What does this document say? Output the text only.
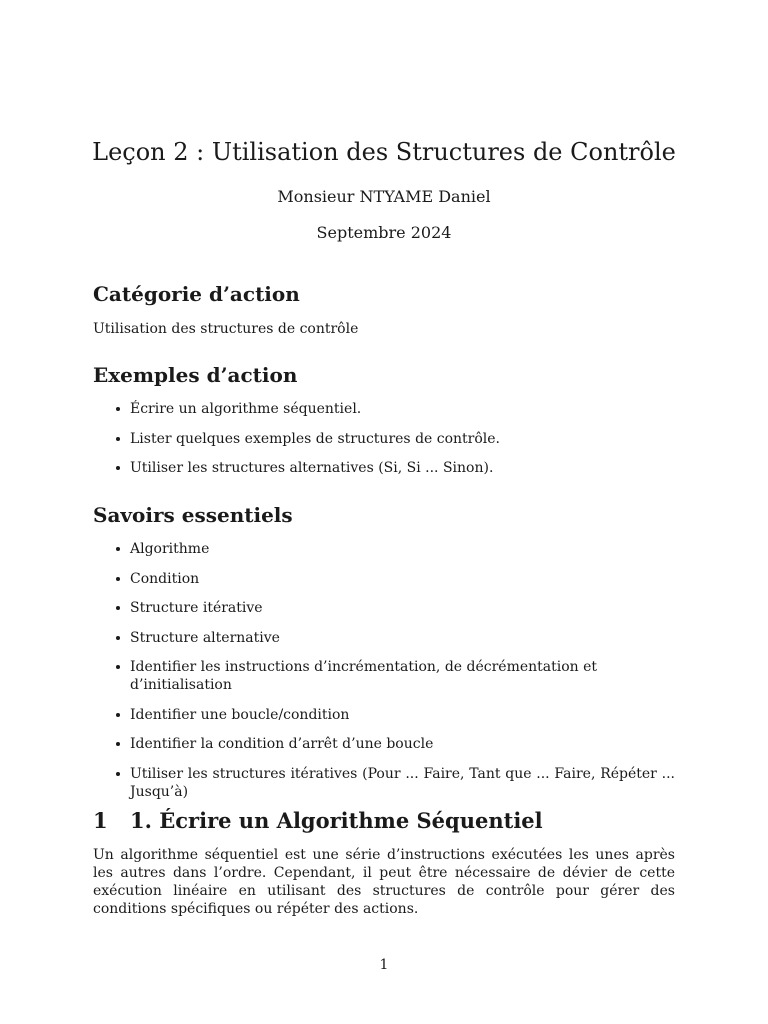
Leçon 2 : Utilisation des Structures de Contrôle
Monsieur NTYAME Daniel
Septembre 2024
Catégorie d’action

Utilisation des structures de contrôle

Exemples d’action
Écrire un algorithme séquentiel.
Lister quelques exemples de structures de contrôle.
Utiliser les structures alternatives (Si, Si ... Sinon).
Savoirs essentiels
Algorithme
Condition
Structure itérative
Structure alternative
Identifier les instructions d’incrémentation, de décrémentation et d’initialisation
Identifier une boucle/condition
Identifier la condition d’arrêt d’une boucle
Utiliser les structures itératives (Pour ... Faire, Tant que ... Faire, Répéter ... Jusqu’à)
1 1. Écrire un Algorithme Séquentiel

Un algorithme séquentiel est une série d’instructions exécutées les unes après les autres dans l’ordre. Cependant, il peut être nécessaire de dévier de cette exécution linéaire en utilisant des structures de contrôle pour gérer des conditions spécifiques ou répéter des actions.

1
